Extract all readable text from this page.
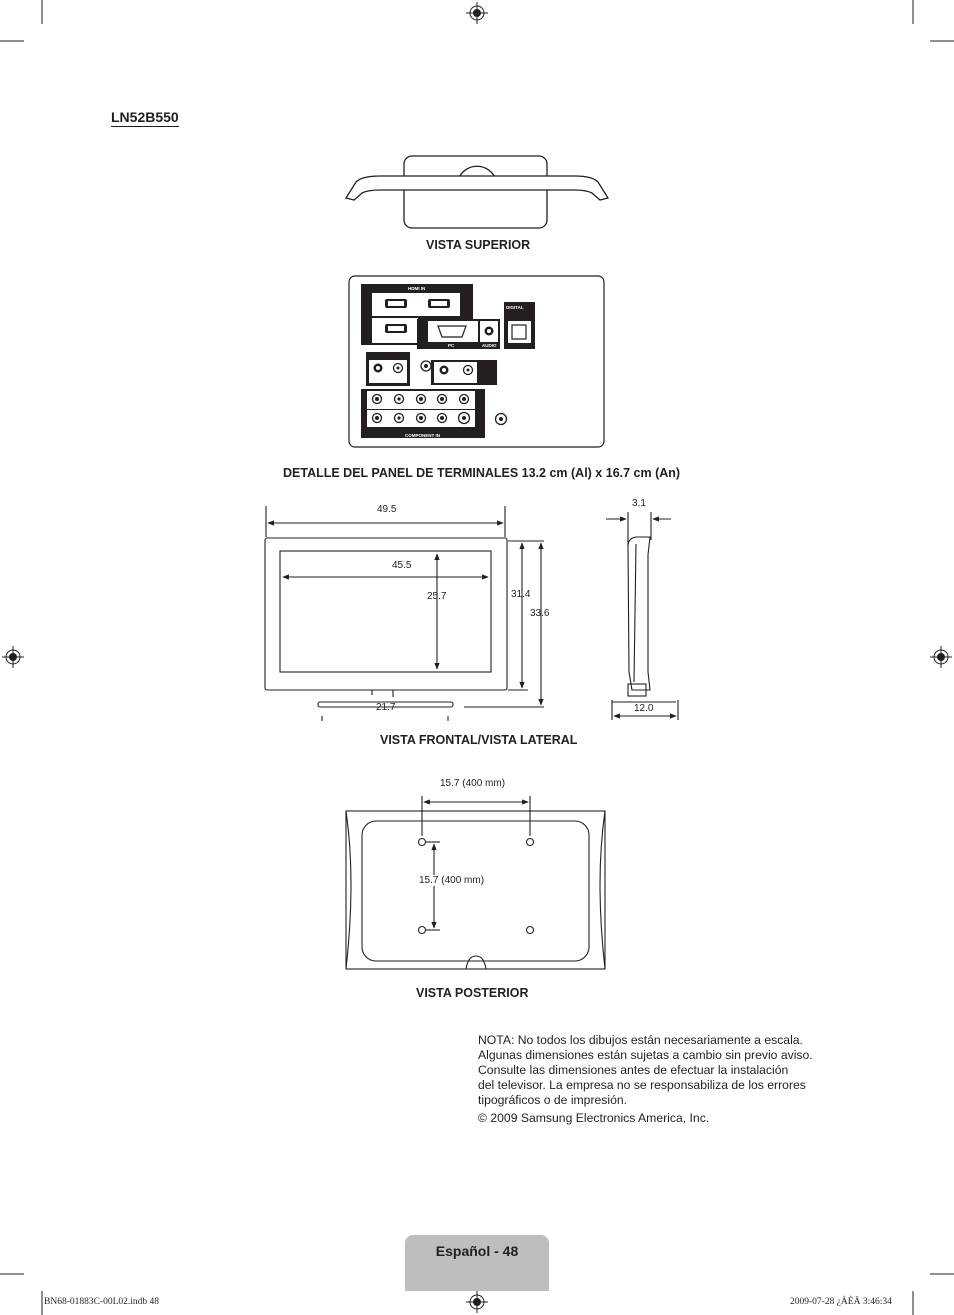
LN52B550
VISTA SUPERIOR
HDMI IN
PC	AUDIO
DIGITAL
COMPONENT IN
DETALLE DEL PANEL DE TERMINALES 13.2 cm (Al) x 16.7 cm (An)
49.5
45.5
25.7	31.4
33.6
21.7
3.1
12.0
VISTA FRONTAL/VISTA LATERAL
15.7 (400 mm)
15.7 (400 mm)
VISTA POSTERIOR

NOTA: No todos los dibujos están necesariamente a escala.

Algunas dimensiones están sujetas a cambio sin previo aviso.

Consulte las dimensiones antes de efectuar la instalación

del televisor. La empresa no se responsabiliza de los errores

tipográficos o de impresión.

© 2009 Samsung Electronics America, Inc.

Español - 48
BN68-01883C-00L02.indb 48	2009-07-28 ¿ÀÈÄ 3:46:34
